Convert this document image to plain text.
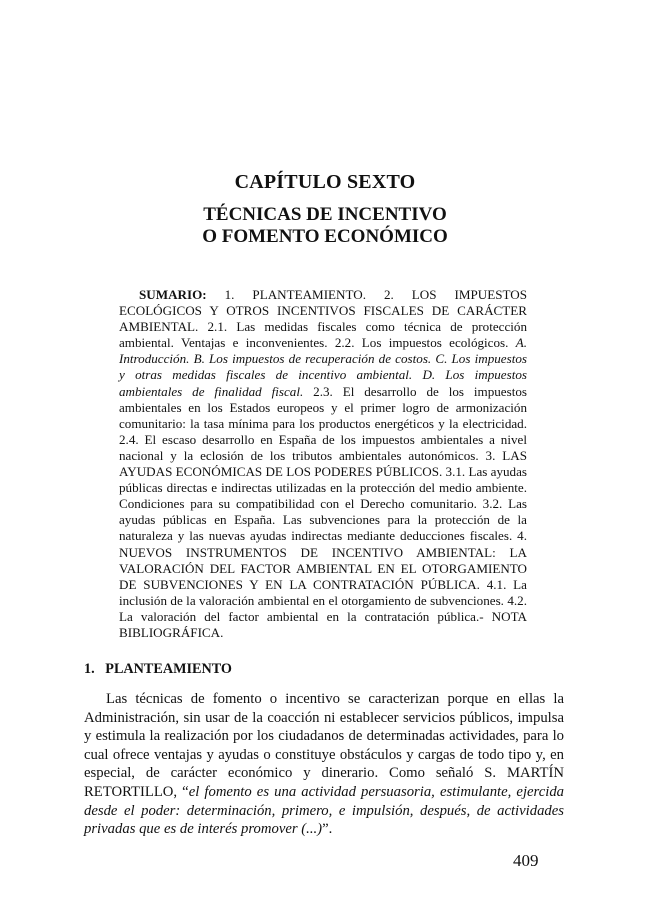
CAPÍTULO SEXTO
TÉCNICAS DE INCENTIVO
O FOMENTO ECONÓMICO
SUMARIO: 1. PLANTEAMIENTO. 2. LOS IMPUESTOS ECOLÓGICOS Y OTROS INCENTIVOS FISCALES DE CARÁCTER AMBIENTAL. 2.1. Las medidas fiscales como técnica de protección ambiental. Ventajas e inconvenientes. 2.2. Los impuestos ecológicos. A. Introducción. B. Los impuestos de recuperación de costos. C. Los impuestos y otras medidas fiscales de incentivo ambiental. D. Los impuestos ambientales de finalidad fiscal. 2.3. El desarrollo de los impuestos ambientales en los Estados europeos y el primer logro de armonización comunitario: la tasa mínima para los productos energéticos y la electricidad. 2.4. El escaso desarrollo en España de los impuestos ambientales a nivel nacional y la eclosión de los tributos ambientales autonómicos. 3. LAS AYUDAS ECONÓMICAS DE LOS PODERES PÚBLICOS. 3.1. Las ayudas públicas directas e indirectas utilizadas en la protección del medio ambiente. Condiciones para su compatibilidad con el Derecho comunitario. 3.2. Las ayudas públicas en España. Las subvenciones para la protección de la naturaleza y las nuevas ayudas indirectas mediante deducciones fiscales. 4. NUEVOS INSTRUMENTOS DE INCENTIVO AMBIENTAL: LA VALORACIÓN DEL FACTOR AMBIENTAL EN EL OTORGAMIENTO DE SUBVENCIONES Y EN LA CONTRATACIÓN PÚBLICA. 4.1. La inclusión de la valoración ambiental en el otorgamiento de subvenciones. 4.2. La valoración del factor ambiental en la contratación pública.- NOTA BIBLIOGRÁFICA.
1.   PLANTEAMIENTO
Las técnicas de fomento o incentivo se caracterizan porque en ellas la Administración, sin usar de la coacción ni establecer servicios públicos, impulsa y estimula la realización por los ciudadanos de determinadas actividades, para lo cual ofrece ventajas y ayudas o constituye obstáculos y cargas de todo tipo y, en especial, de carácter económico y dinerario. Como señaló S. MARTÍN RETORTILLO, “el fomento es una actividad persuasoria, estimulante, ejercida desde el poder: determinación, primero, e impulsión, después, de actividades privadas que es de interés promover (...)”.
409
